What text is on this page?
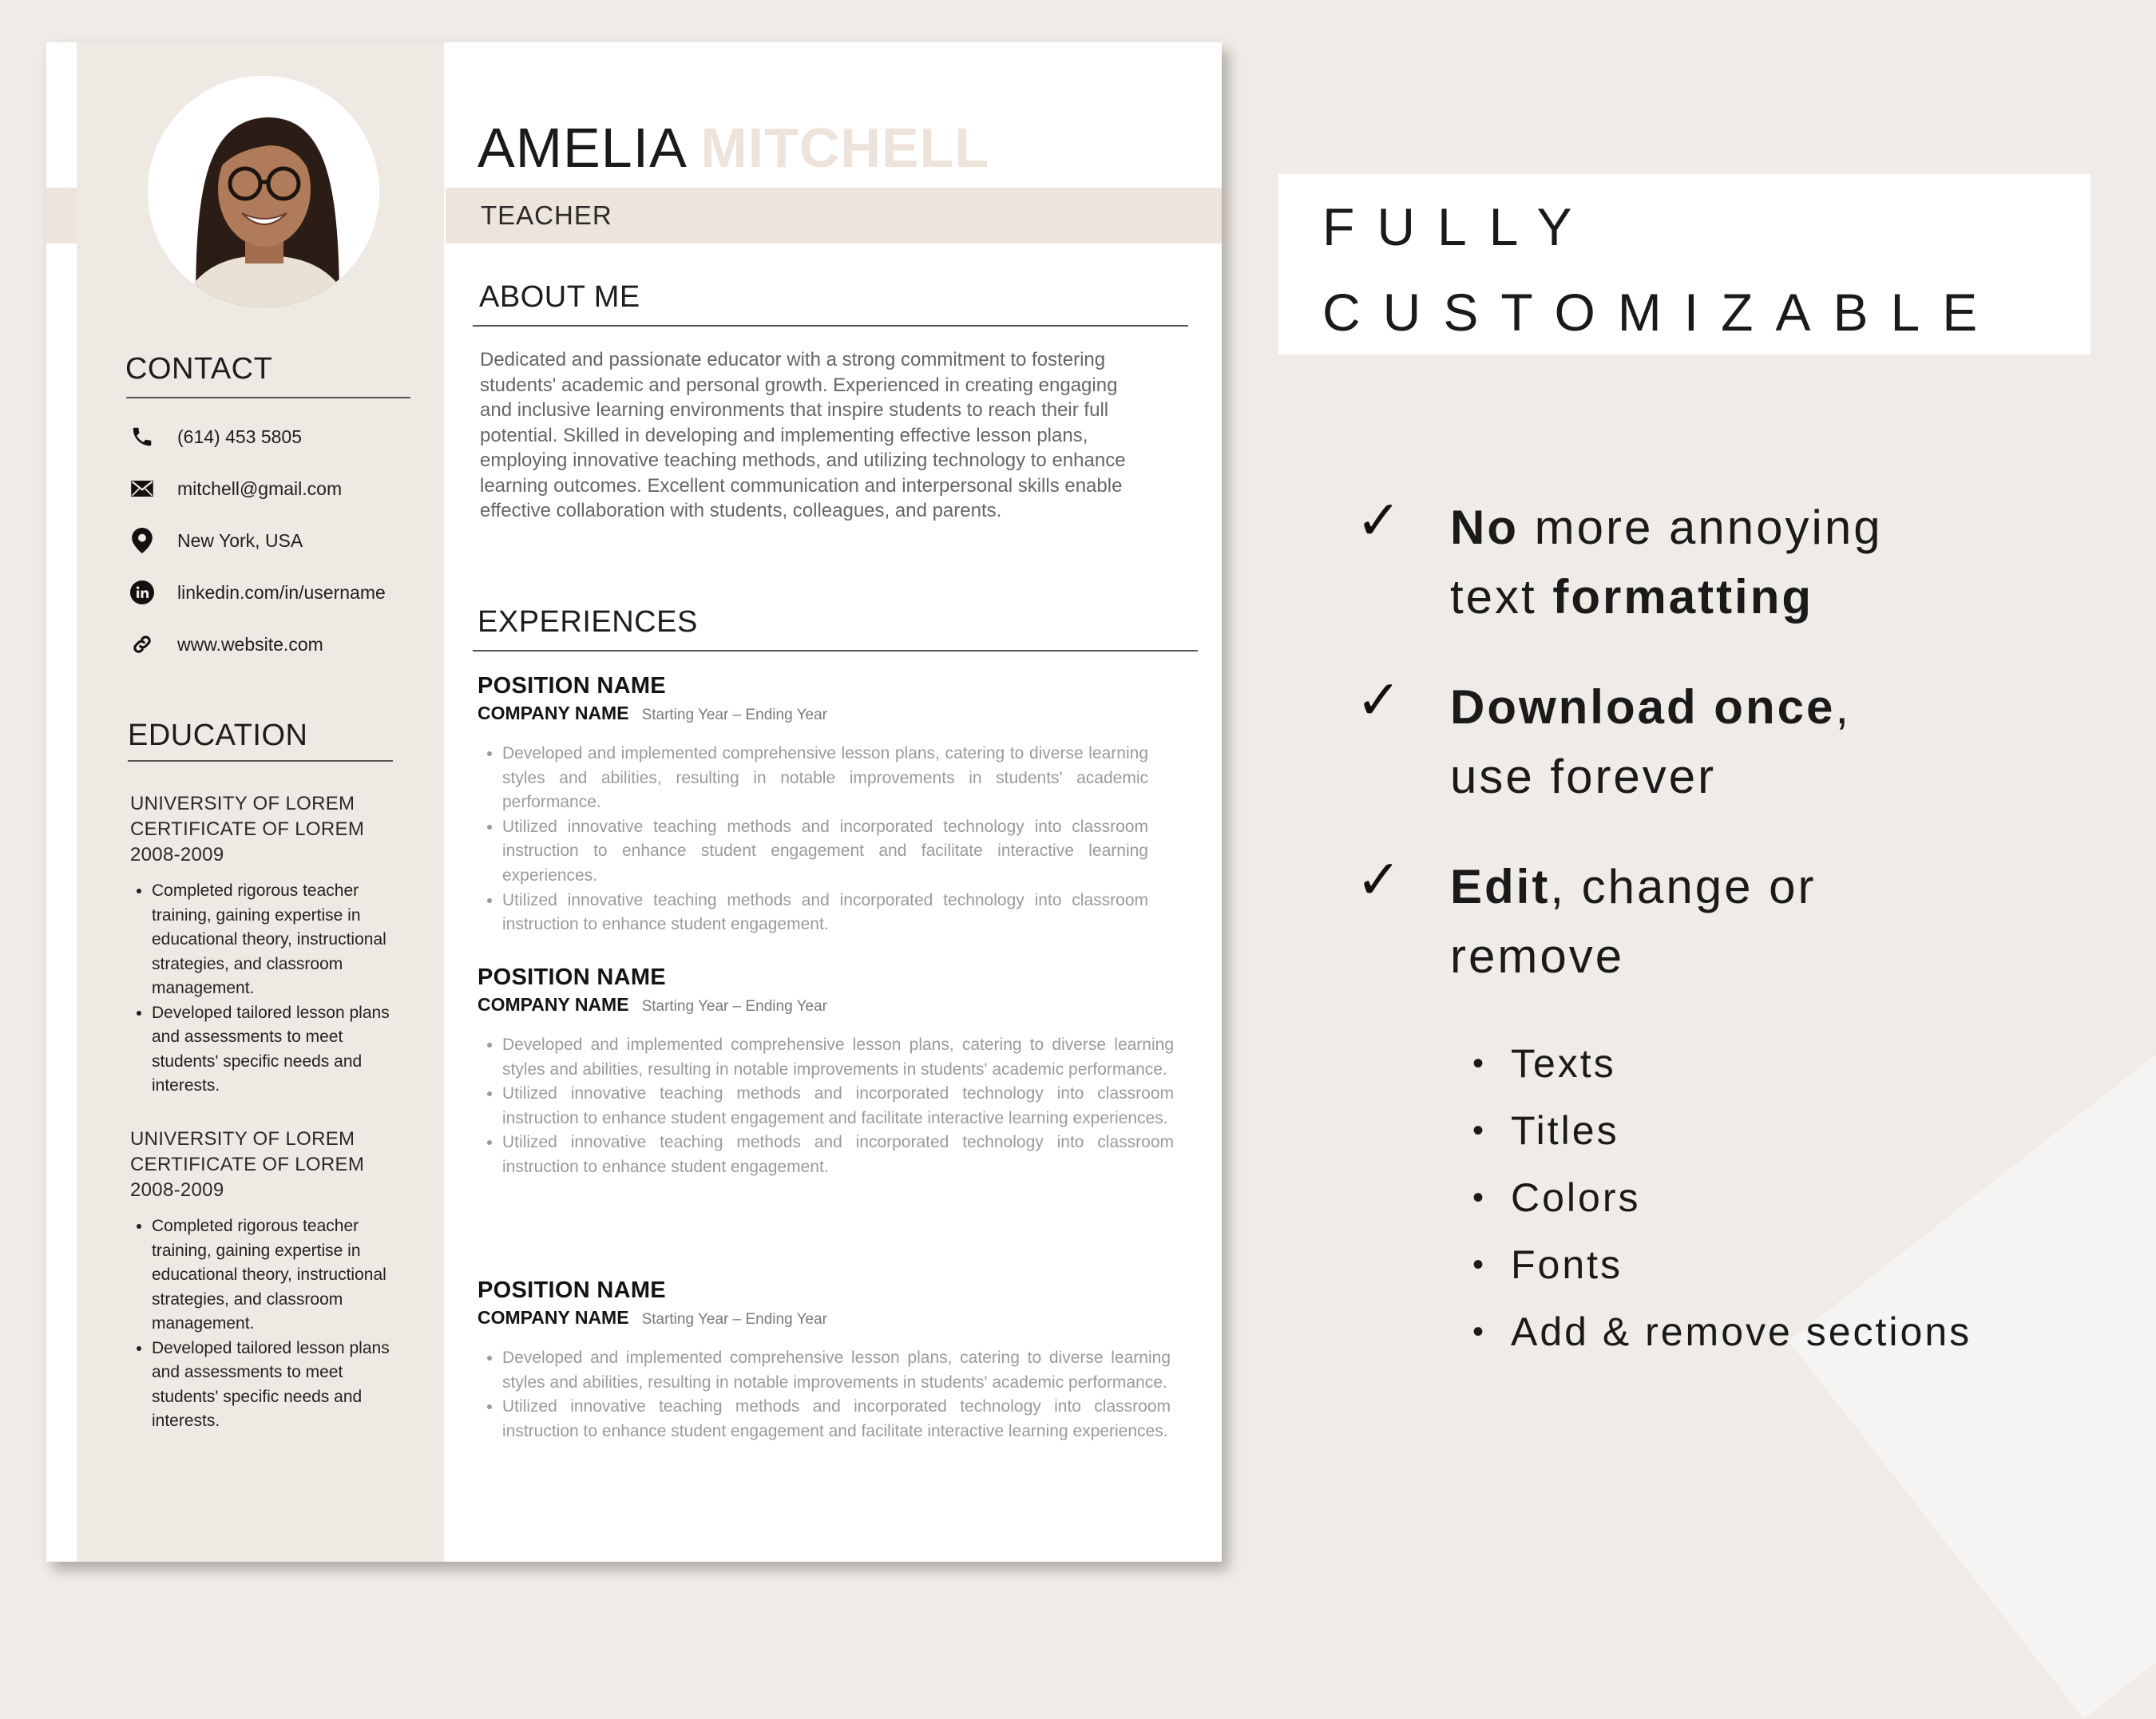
CONTACT
(614) 453 5805
mitchell@gmail.com
New York, USA
linkedin.com/in/username
www.website.com
EDUCATION
UNIVERSITY OF LOREM
CERTIFICATE OF LOREM
2008-2009
• Completed rigorous teacher training, gaining expertise in educational theory, instructional strategies, and classroom management.
• Developed tailored lesson plans and assessments to meet students' specific needs and interests.
UNIVERSITY OF LOREM
CERTIFICATE OF LOREM
2008-2009
• Completed rigorous teacher training, gaining expertise in educational theory, instructional strategies, and classroom management.
• Developed tailored lesson plans and assessments to meet students' specific needs and interests.
AMELIA MITCHELL
TEACHER
ABOUT ME
Dedicated and passionate educator with a strong commitment to fostering students' academic and personal growth. Experienced in creating engaging and inclusive learning environments that inspire students to reach their full potential. Skilled in developing and implementing effective lesson plans, employing innovative teaching methods, and utilizing technology to enhance learning outcomes. Excellent communication and interpersonal skills enable effective collaboration with students, colleagues, and parents.
EXPERIENCES
POSITION NAME
COMPANY NAME Starting Year – Ending Year
• Developed and implemented comprehensive lesson plans, catering to diverse learning styles and abilities, resulting in notable improvements in students' academic performance.
• Utilized innovative teaching methods and incorporated technology into classroom instruction to enhance student engagement and facilitate interactive learning experiences.
• Utilized innovative teaching methods and incorporated technology into classroom instruction to enhance student engagement.
POSITION NAME
COMPANY NAME Starting Year – Ending Year
• Developed and implemented comprehensive lesson plans, catering to diverse learning styles and abilities, resulting in notable improvements in students' academic performance.
• Utilized innovative teaching methods and incorporated technology into classroom instruction to enhance student engagement and facilitate interactive learning experiences.
• Utilized innovative teaching methods and incorporated technology into classroom instruction to enhance student engagement.
POSITION NAME
COMPANY NAME Starting Year – Ending Year
• Developed and implemented comprehensive lesson plans, catering to diverse learning styles and abilities, resulting in notable improvements in students' academic performance.
• Utilized innovative teaching methods and incorporated technology into classroom instruction to enhance student engagement and facilitate interactive learning experiences.
FULLY
CUSTOMIZABLE
✓ No more annoying
text formatting
✓ Download once,
use forever
✓ Edit, change or
remove
• Texts
• Titles
• Colors
• Fonts
• Add & remove sections
